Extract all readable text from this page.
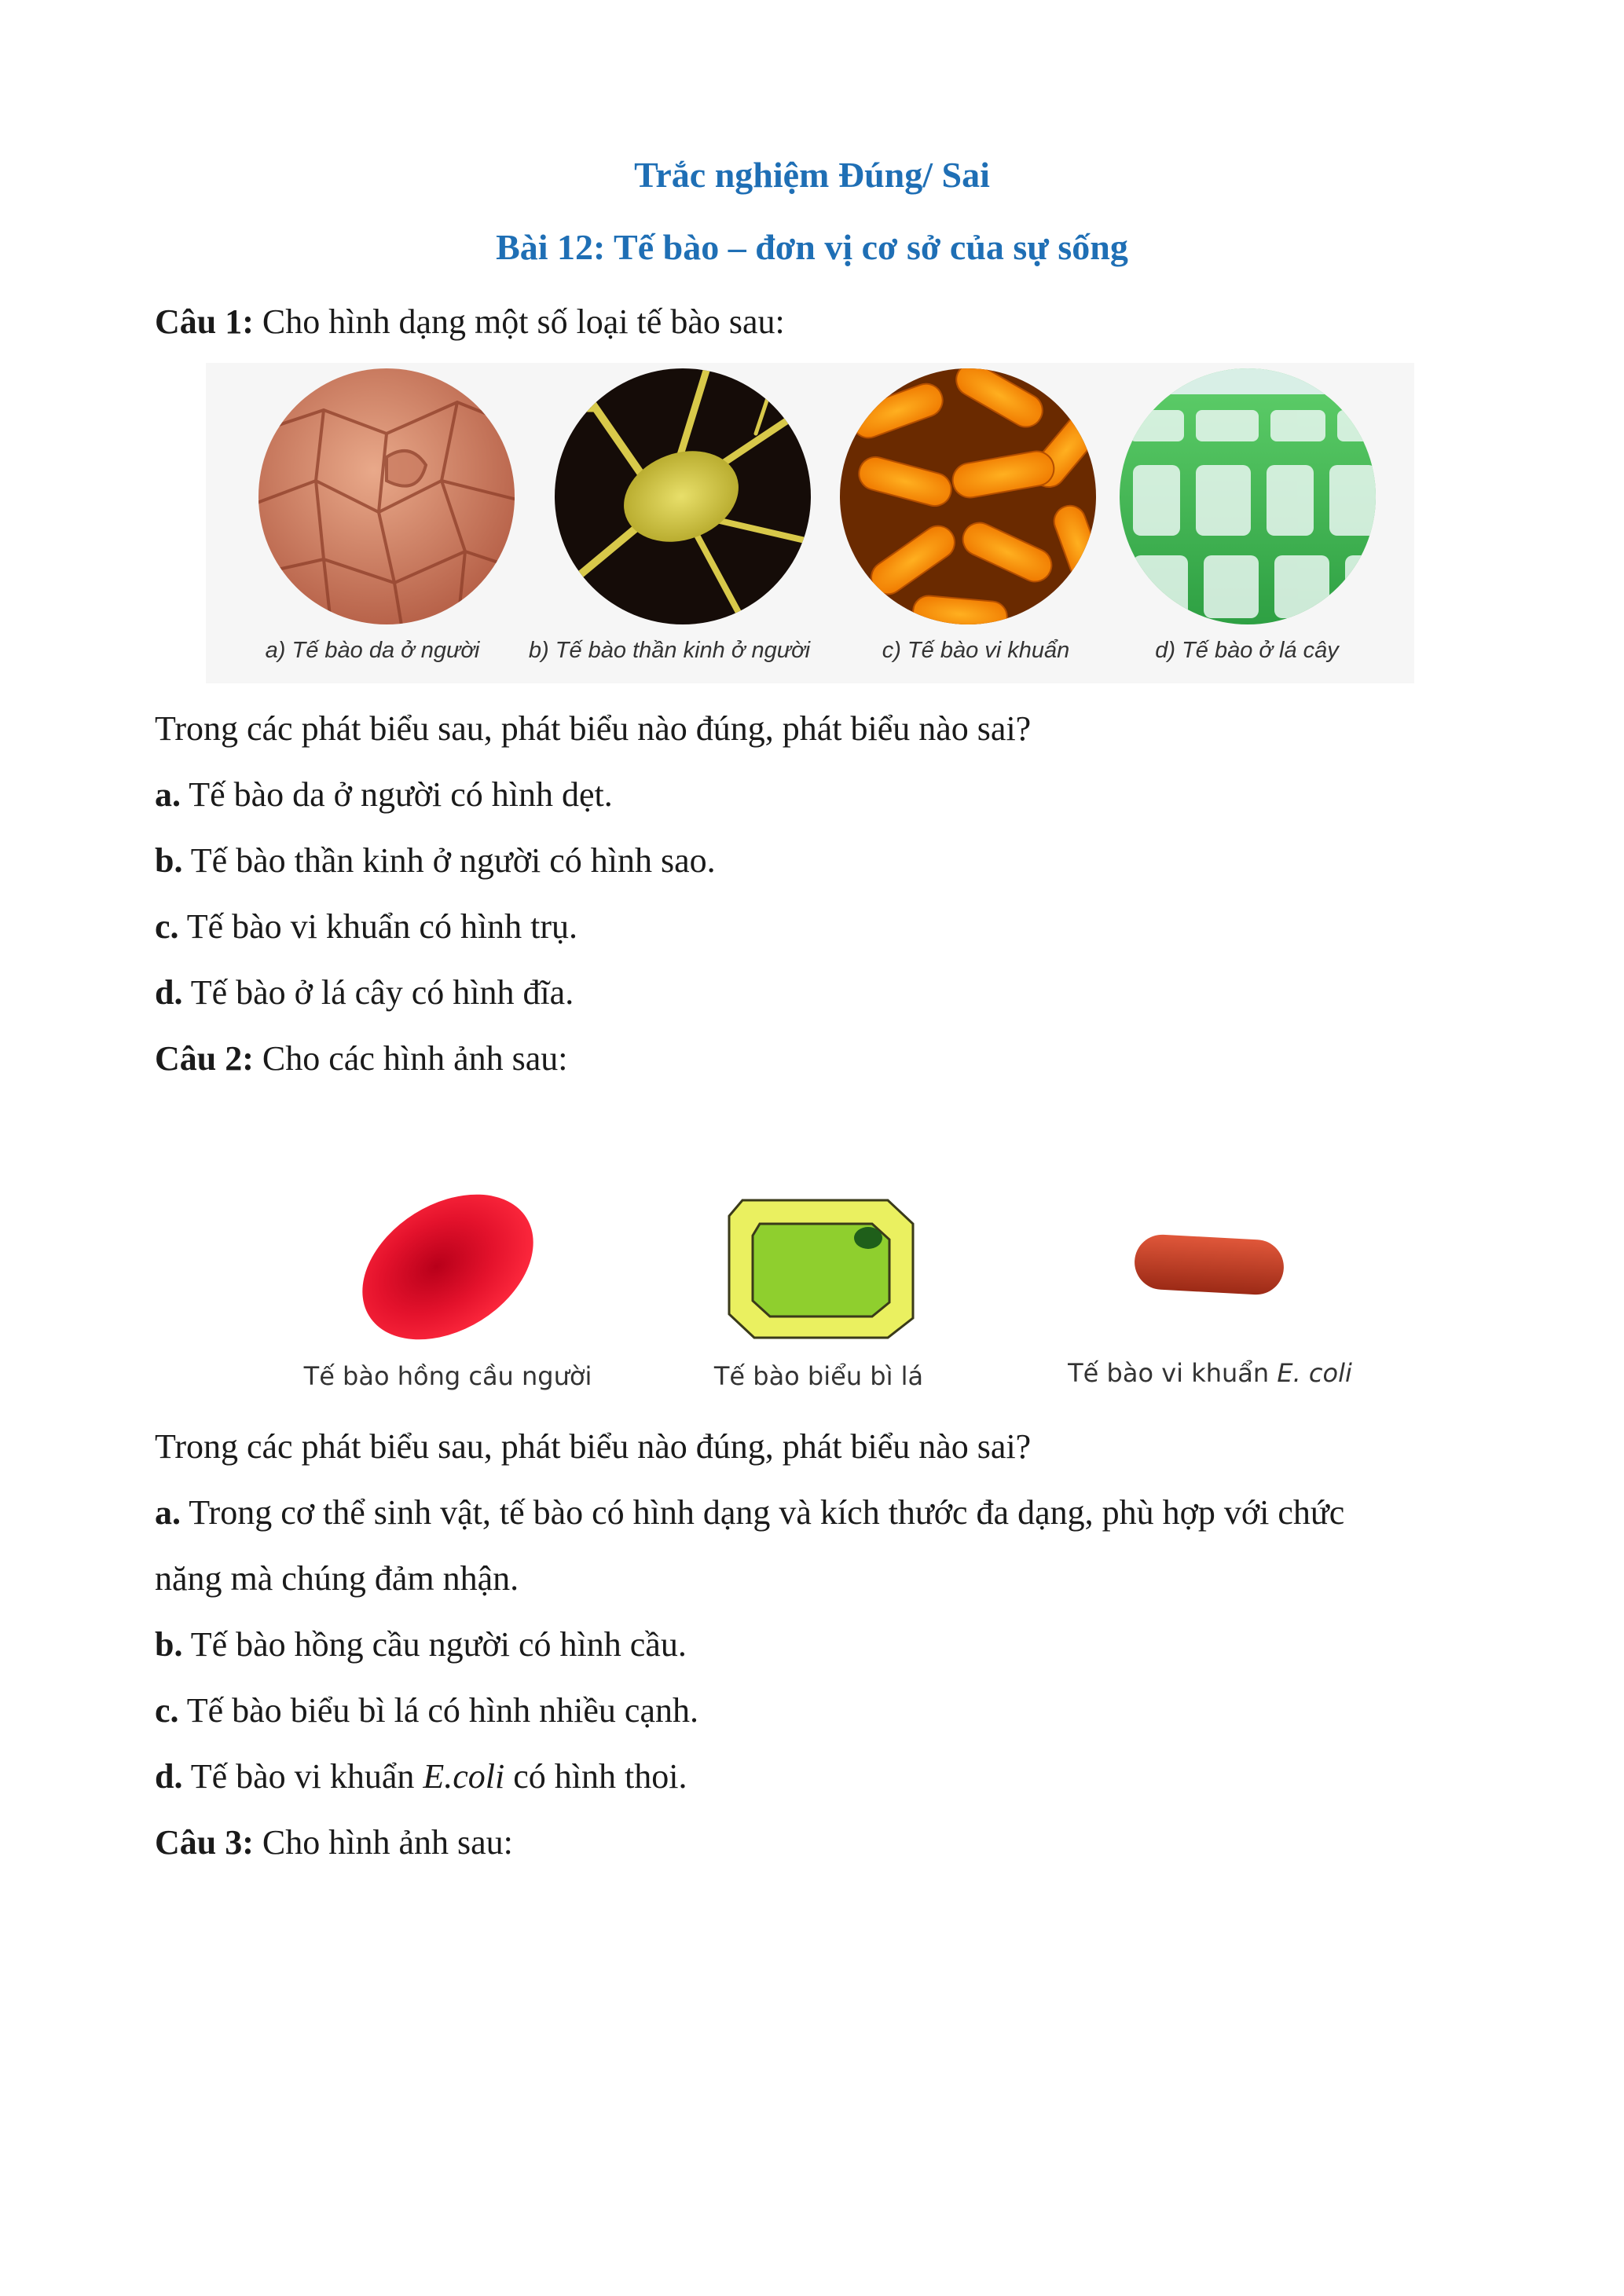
Trắc nghiệm Đúng/ Sai
Bài 12: Tế bào – đơn vị cơ sở của sự sống

Câu 1: Cho hình dạng một số loại tế bào sau:

a) Tế bào da ở người b) Tế bào thần kinh ở người	c) Tế bào vi khuẩn	d) Tế bào ở lá cây

Trong các phát biểu sau, phát biểu nào đúng, phát biểu nào sai?

a. Tế bào da ở người có hình dẹt.

b. Tế bào thần kinh ở người có hình sao.

c. Tế bào vi khuẩn có hình trụ.

d. Tế bào ở lá cây có hình đĩa.

Câu 2: Cho các hình ảnh sau:

Tế bào hồng cầu người	Tế bào biểu bì lá	Tế bào vi khuẩn E. coli

Trong các phát biểu sau, phát biểu nào đúng, phát biểu nào sai?

a. Trong cơ thể sinh vật, tế bào có hình dạng và kích thước đa dạng, phù hợp với chức

năng mà chúng đảm nhận.

b. Tế bào hồng cầu người có hình cầu.

c. Tế bào biểu bì lá có hình nhiều cạnh.

d. Tế bào vi khuẩn E.coli có hình thoi.

Câu 3: Cho hình ảnh sau:
